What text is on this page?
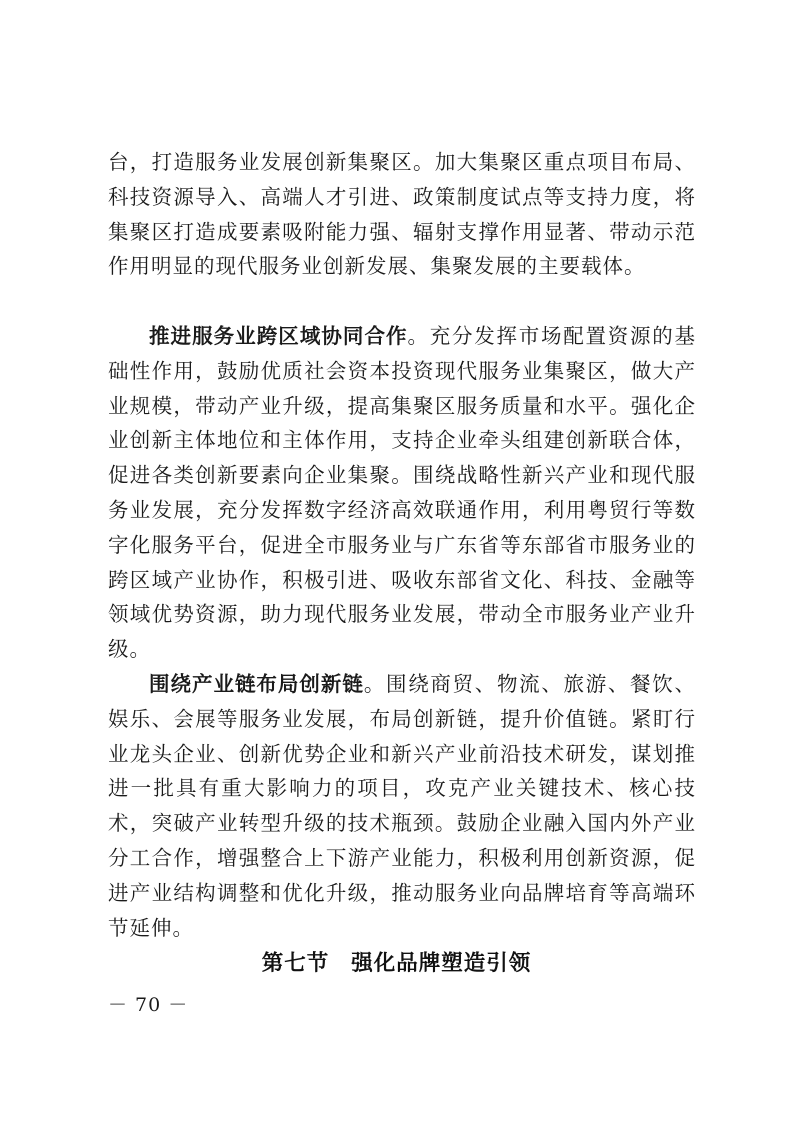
台，打造服务业发展创新集聚区。加大集聚区重点项目布局、科技资源导入、高端人才引进、政策制度试点等支持力度，将集聚区打造成要素吸附能力强、辐射支撑作用显著、带动示范作用明显的现代服务业创新发展、集聚发展的主要载体。

推进服务业跨区域协同合作。充分发挥市场配置资源的基础性作用，鼓励优质社会资本投资现代服务业集聚区，做大产业规模，带动产业升级，提高集聚区服务质量和水平。强化企业创新主体地位和主体作用，支持企业牵头组建创新联合体，促进各类创新要素向企业集聚。围绕战略性新兴产业和现代服务业发展，充分发挥数字经济高效联通作用，利用粤贸行等数字化服务平台，促进全市服务业与广东省等东部省市服务业的跨区域产业协作，积极引进、吸收东部省文化、科技、金融等领域优势资源，助力现代服务业发展，带动全市服务业产业升级。

围绕产业链布局创新链。围绕商贸、物流、旅游、餐饮、娱乐、会展等服务业发展，布局创新链，提升价值链。紧盯行业龙头企业、创新优势企业和新兴产业前沿技术研发，谋划推进一批具有重大影响力的项目，攻克产业关键技术、核心技术，突破产业转型升级的技术瓶颈。鼓励企业融入国内外产业分工合作，增强整合上下游产业能力，积极利用创新资源，促进产业结构调整和优化升级，推动服务业向品牌培育等高端环节延伸。

第七节 强化品牌塑造引领
－ 70 －
